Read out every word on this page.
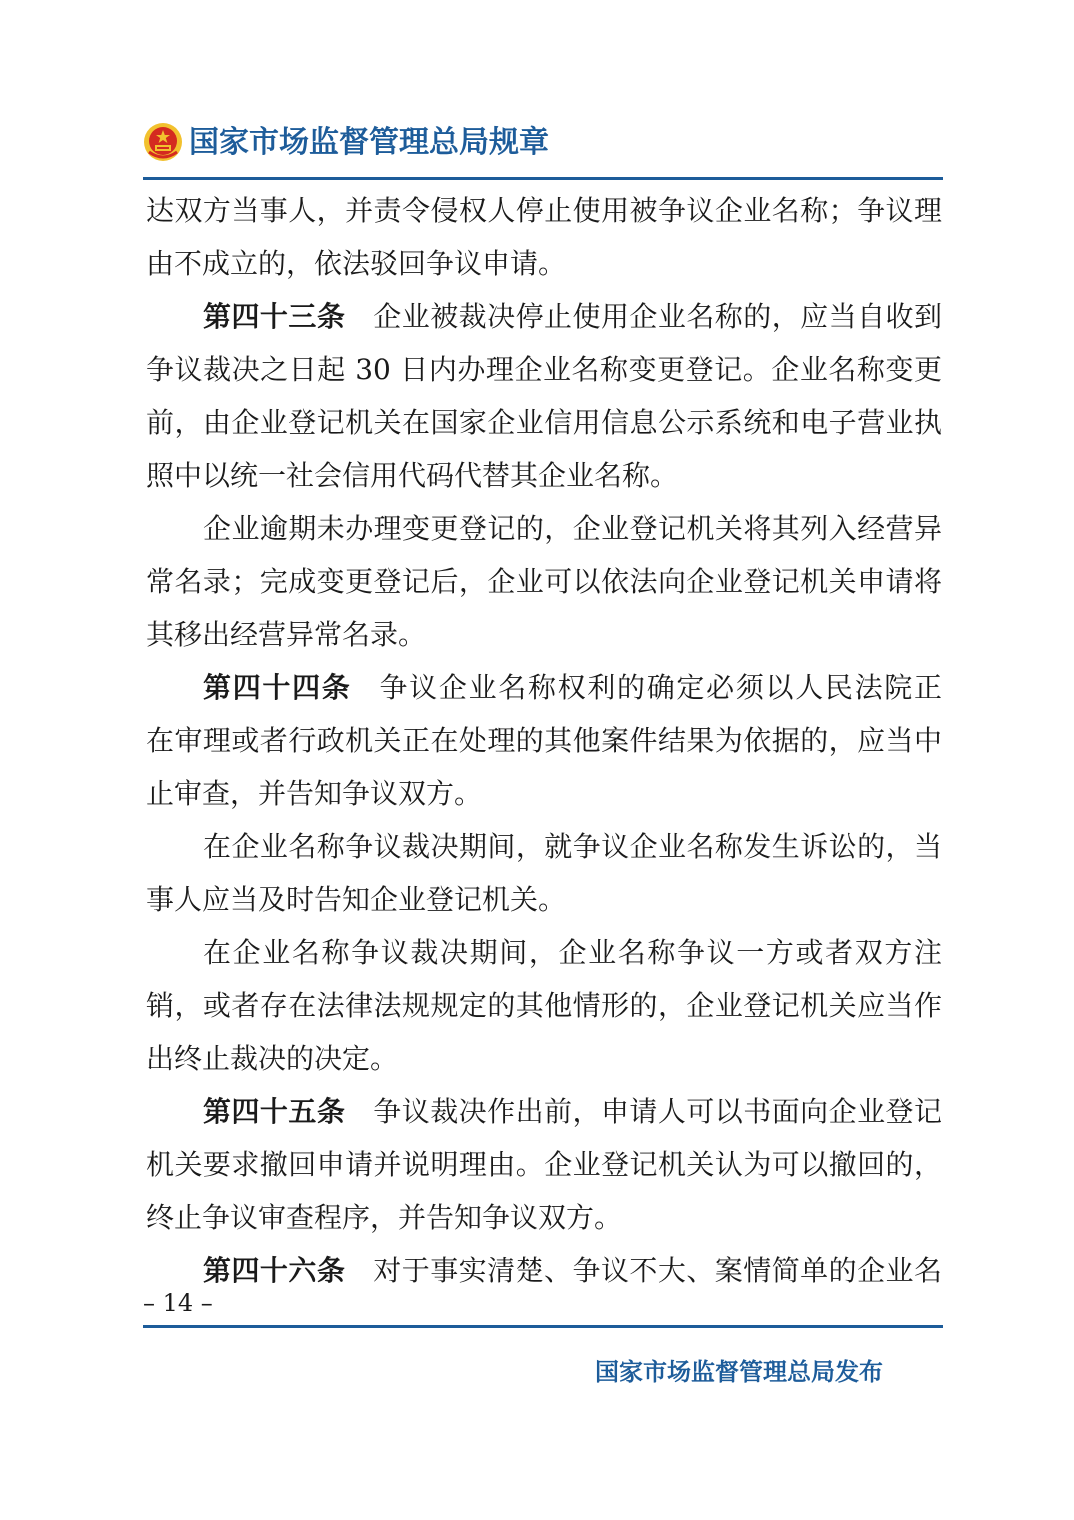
国家市场监督管理总局规章
达双方当事人，并责令侵权人停止使用被争议企业名称；争议理
由不成立的，依法驳回争议申请。
第四十三条 企业被裁决停止使用企业名称的，应当自收到
争议裁决之日起 30 日内办理企业名称变更登记。企业名称变更
前，由企业登记机关在国家企业信用信息公示系统和电子营业执
照中以统一社会信用代码代替其企业名称。
企业逾期未办理变更登记的，企业登记机关将其列入经营异
常名录；完成变更登记后，企业可以依法向企业登记机关申请将
其移出经营异常名录。
第四十四条 争议企业名称权利的确定必须以人民法院正
在审理或者行政机关正在处理的其他案件结果为依据的，应当中
止审查，并告知争议双方。
在企业名称争议裁决期间，就争议企业名称发生诉讼的，当
事人应当及时告知企业登记机关。
在企业名称争议裁决期间，企业名称争议一方或者双方注
销，或者存在法律法规规定的其他情形的，企业登记机关应当作
出终止裁决的决定。
第四十五条 争议裁决作出前，申请人可以书面向企业登记
机关要求撤回申请并说明理由。企业登记机关认为可以撤回的，
终止争议审查程序，并告知争议双方。
第四十六条 对于事实清楚、争议不大、案情简单的企业名
– 14 –
国家市场监督管理总局发布
